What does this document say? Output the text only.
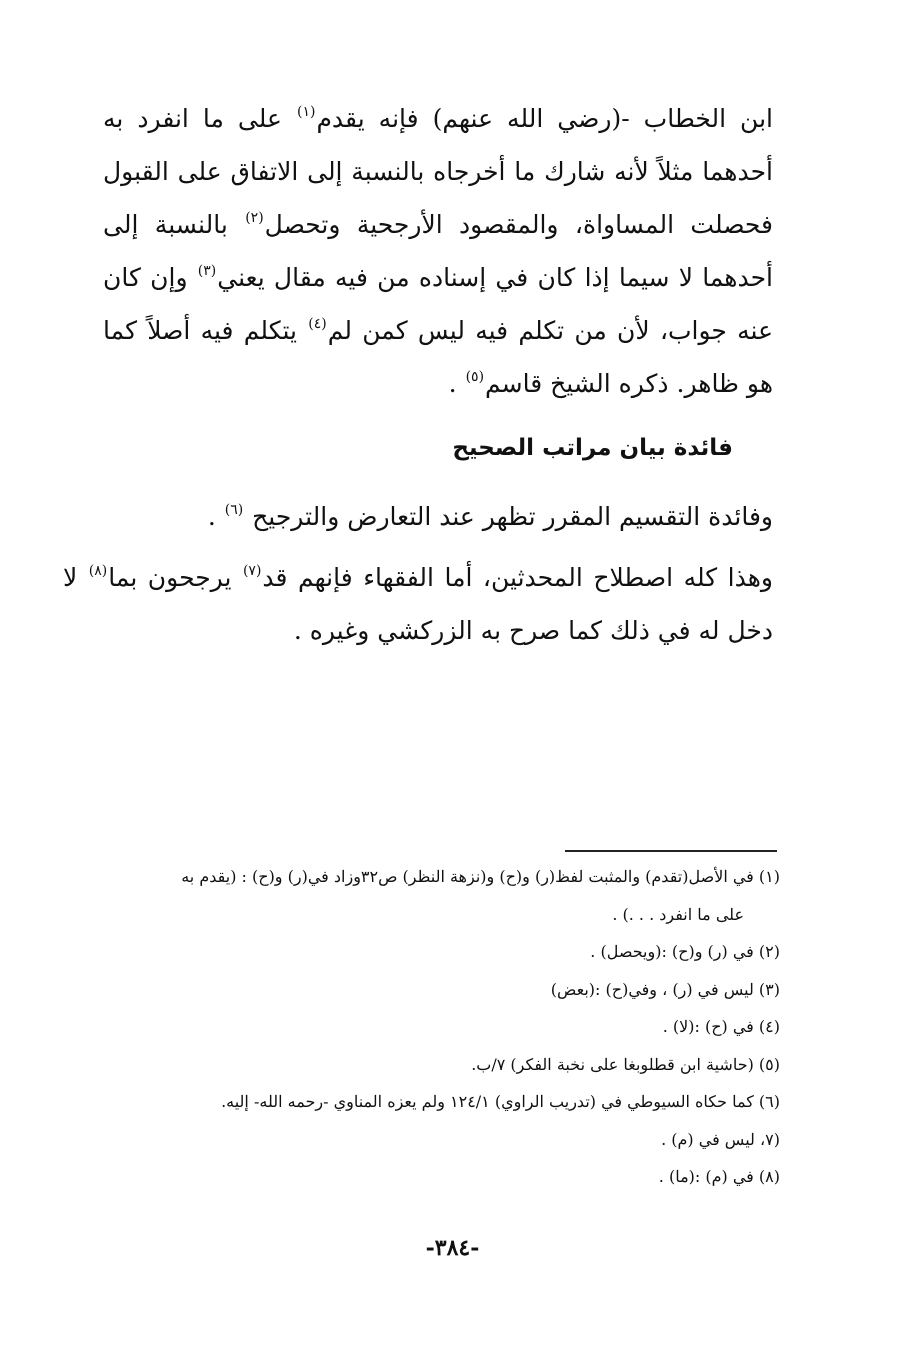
ابن الخطاب -(رضي الله عنهم) فإنه يقدم$^{(١)}$ على ما انفرد به أحدهما مثلاً لأنه شارك ما أخرجاه بالنسبة إلى الاتفاق على القبول فحصلت المساواة، والمقصود الأرجحية وتحصل$^{(٢)}$ بالنسبة إلى أحدهما لا سيما إذا كان في إسناده من فيه مقال يعني$^{(٣)}$ وإن كان عنه جواب، لأن من تكلم فيه ليس كمن لم$^{(٤)}$ يتكلم فيه أصلاً كما هو ظاهر. ذكره الشيخ قاسم$^{(٥)}$ .

فائدة بيان مراتب الصحيح

وفائدة التقسيم المقرر تظهر عند التعارض والترجيح $^{(٦)}$ .

وهذا كله اصطلاح المحدثين، أما الفقهاء فإنهم قد$^{(٧)}$ يرجحون بما$^{(٨)}$ لا دخل له في ذلك كما صرح به الزركشي وغيره .

(١) في الأصل(تقدم) والمثبت لفظ(ر) و(ح) و(نزهة النظر) ص٣٢وزاد في(ر) و(ح) : (يقدم به
على ما انفرد . . .) .

(٢) في (ر) و(ح) :(ويحصل) .

(٣) ليس في (ر) ، وفي(ح) :(بعض)

(٤) في (ح) :(لا) .

(٥) (حاشية ابن قطلوبغا على نخبة الفكر) ٧/ب.

(٦) كما حكاه السيوطي في (تدريب الراوي) ١٢٤/١ ولم يعزه المناوي -رحمه الله- إليه.

(٧، ليس في (م) .

(٨) في (م) :(ما) .

-٣٨٤-
